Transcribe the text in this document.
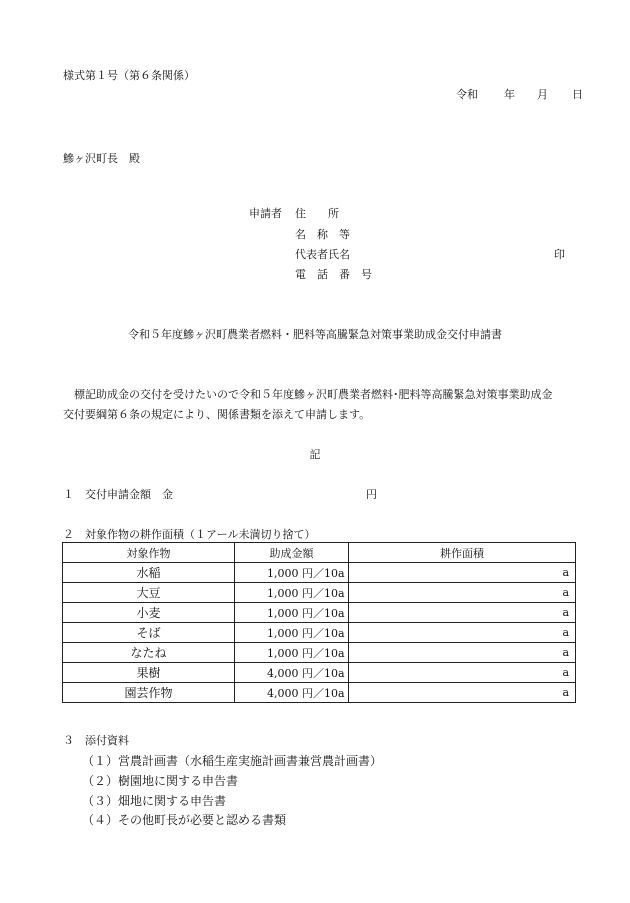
様式第１号（第６条関係）
令和 年 月 日
鰺ヶ沢町長　殿
申請者 住　　所
名　称　等
代表者氏名
電　話　番　号
印
令和５年度鰺ヶ沢町農業者燃料・肥料等高騰緊急対策事業助成金交付申請書
標記助成金の交付を受けたいので令和５年度鰺ヶ沢町農業者燃料･肥料等高騰緊急対策事業助成金
交付要綱第６条の規定により、関係書類を添えて申請します。
記
１　交付申請金額　金	円
２　対象作物の耕作面積（１アール未満切り捨て）
対象作物	助成金額	耕作面積
水稲	1,000 円／10a	a
大豆	1,000 円／10a	a
小麦	1,000 円／10a	a
そば	1,000 円／10a	a
なたね	1,000 円／10a	a
果樹	4,000 円／10a	a
園芸作物	4,000 円／10a	a
３　添付資料
（１）営農計画書（水稲生産実施計画書兼営農計画書）
（２）樹園地に関する申告書
（３）畑地に関する申告書
（４）その他町長が必要と認める書類
